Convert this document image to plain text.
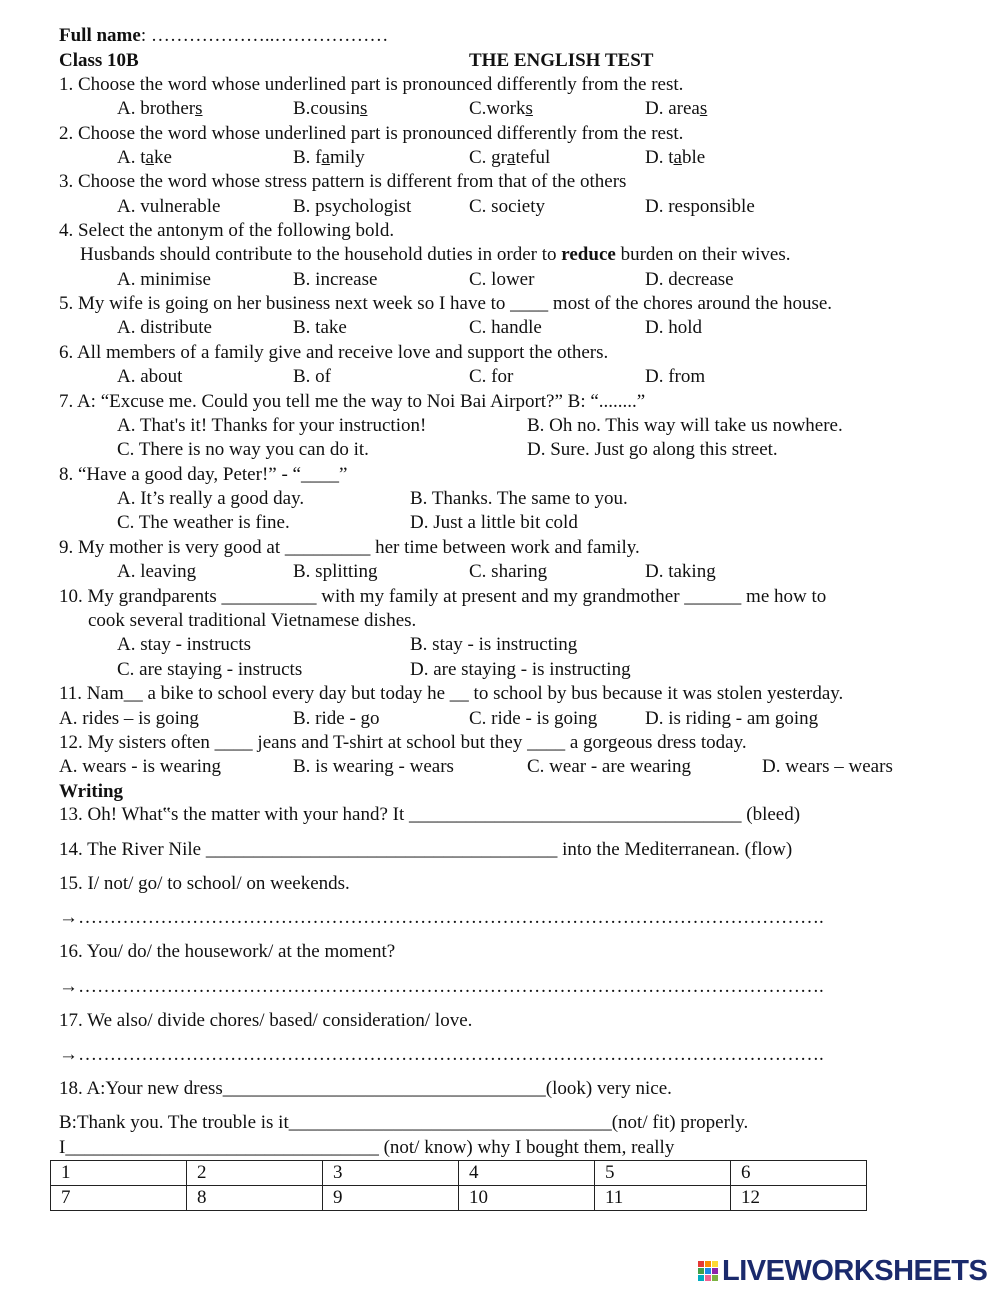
Full name: ………………..………………
Class 10B	THE ENGLISH TEST
1. Choose the word whose underlined part is pronounced differently from the rest.
A. brothers	B.cousins	C.works	D. areas
2. Choose the word whose underlined part is pronounced differently from the rest.
A. take	B. family	C. grateful	D. table
3. Choose the word whose stress pattern is different from that of the others
A. vulnerable	B. psychologist	C. society	D. responsible
4. Select the antonym of the following bold.
Husbands should contribute to the household duties in order to reduce burden on their wives.
A. minimise	B. increase	C. lower	D. decrease
5. My wife is going on her business next week so I have to ____ most of the chores around the house.
A. distribute	B. take	C. handle	D. hold
6. All members of a family give and receive love and support the others.
A. about	B. of	C. for	D. from
7. A: “Excuse me. Could you tell me the way to Noi Bai Airport?” B: “........”
A. That's it! Thanks for your instruction!	B. Oh no. This way will take us nowhere.
C. There is no way you can do it.	D. Sure. Just go along this street.
8. “Have a good day, Peter!” - “____”
A. It’s really a good day.	B. Thanks. The same to you.
C. The weather is fine.	D. Just a little bit cold
9. My mother is very good at _________ her time between work and family.
A. leaving	B. splitting	C. sharing	D. taking
10. My grandparents __________ with my family at present and my grandmother ______ me how to
cook several traditional Vietnamese dishes.
A. stay - instructs	B. stay - is instructing
C. are staying - instructs	D. are staying - is instructing
11. Nam__ a bike to school every day but today he __ to school by bus because it was stolen yesterday.
A. rides – is going	B. ride - go	C. ride - is going	D. is riding - am going
12. My sisters often ____ jeans and T-shirt at school but they ____ a gorgeous dress today.
A. wears - is wearing	B. is wearing - wears	C. wear - are wearing	D. wears – wears
Writing
13. Oh! What‟s the matter with your hand? It ___________________________________ (bleed)
14. The River Nile _____________________________________ into the Mediterranean. (flow)
15. I/ not/ go/ to school/ on weekends.
→……………………………………………………………………………………………………….
16. You/ do/ the housework/ at the moment?
→……………………………………………………………………………………………………….
17. We also/ divide chores/ based/ consideration/ love.
→……………………………………………………………………………………………………….
18. A:Your new dress__________________________________(look) very nice.
B:Thank you. The trouble is it__________________________________(not/ fit) properly.
I_________________________________ (not/ know) why I bought them, really
1	2	3	4	5	6
7	8	9	10	11	12
LIVEWORKSHEETS
